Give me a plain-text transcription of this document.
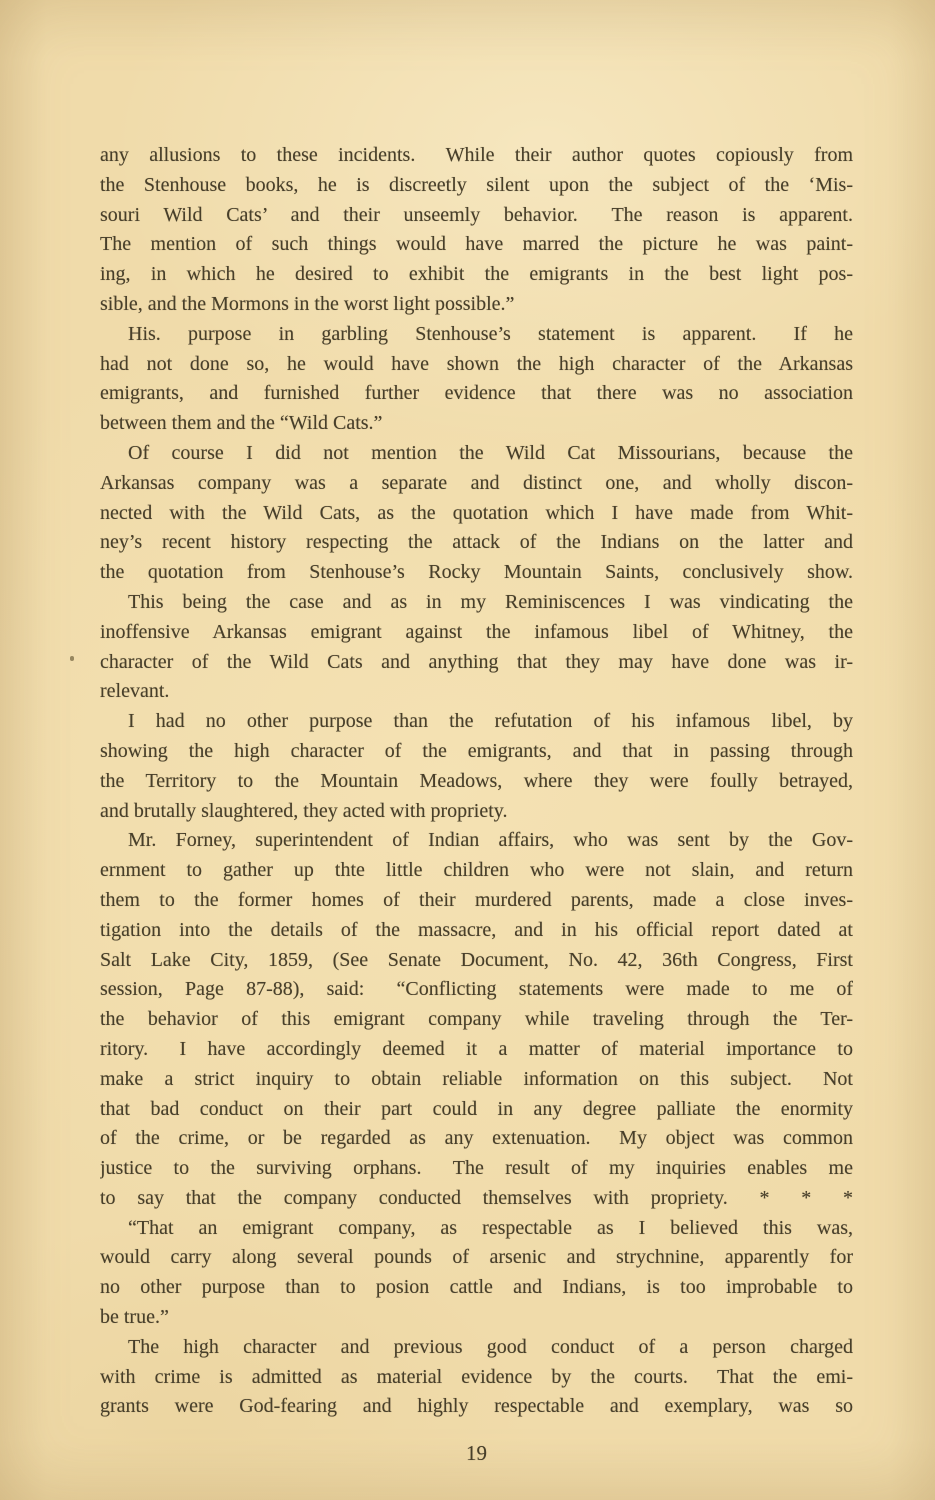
any allusions to these incidents.  While their author quotes copiously from
the Stenhouse books, he is discreetly silent upon the subject of the ‘Mis-
souri Wild Cats’ and their unseemly behavior.  The reason is apparent.
The mention of such things would have marred the picture he was paint-
ing, in which he desired to exhibit the emigrants in the best light pos-
sible, and the Mormons in the worst light possible.”
His. purpose in garbling Stenhouse’s statement is apparent.  If he
had not done so, he would have shown the high character of the Arkansas
emigrants, and furnished further evidence that there was no association
between them and the “Wild Cats.”
Of course I did not mention the Wild Cat Missourians, because the
Arkansas company was a separate and distinct one, and wholly discon-
nected with the Wild Cats, as the quotation which I have made from Whit-
ney’s recent history respecting the attack of the Indians on the latter and
the quotation from Stenhouse’s Rocky Mountain Saints, conclusively show.
This being the case and as in my Reminiscences I was vindicating the
inoffensive Arkansas emigrant against the infamous libel of Whitney, the
character of the Wild Cats and anything that they may have done was ir-
relevant.
I had no other purpose than the refutation of his infamous libel, by
showing the high character of the emigrants, and that in passing through
the Territory to the Mountain Meadows, where they were foully betrayed,
and brutally slaughtered, they acted with propriety.
Mr. Forney, superintendent of Indian affairs, who was sent by the Gov-
ernment to gather up thte little children who were not slain, and return
them to the former homes of their murdered parents, made a close inves-
tigation into the details of the massacre, and in his official report dated at
Salt Lake City, 1859, (See Senate Document, No. 42, 36th Congress, First
session, Page 87-88), said:  “Conflicting statements were made to me of
the behavior of this emigrant company while traveling through the Ter-
ritory.  I have accordingly deemed it a matter of material importance to
make a strict inquiry to obtain reliable information on this subject.  Not
that bad conduct on their part could in any degree palliate the enormity
of the crime, or be regarded as any extenuation.  My object was common
justice to the surviving orphans.  The result of my inquiries enables me
to say that the company conducted themselves with propriety.  *  *  *
“That an emigrant company, as respectable as I believed this was,
would carry along several pounds of arsenic and strychnine, apparently for
no other purpose than to posion cattle and Indians, is too improbable to
be true.”
The high character and previous good conduct of a person charged
with crime is admitted as material evidence by the courts.  That the emi-
grants were God-fearing and highly respectable and exemplary, was so
19
